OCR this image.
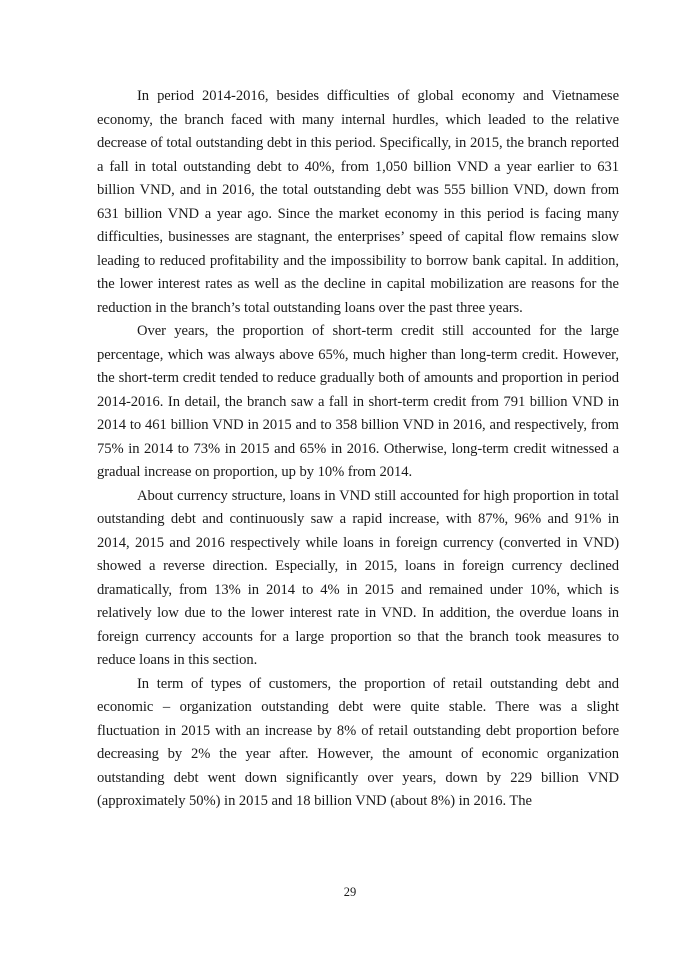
In period 2014-2016, besides difficulties of global economy and Vietnamese economy, the branch faced with many internal hurdles, which leaded to the relative decrease of total outstanding debt in this period. Specifically, in 2015, the branch reported a fall in total outstanding debt to 40%, from 1,050 billion VND a year earlier to 631 billion VND, and in 2016, the total outstanding debt was 555 billion VND, down from 631 billion VND a year ago. Since the market economy in this period is facing many difficulties, businesses are stagnant, the enterprises’ speed of capital flow remains slow leading to reduced profitability and the impossibility to borrow bank capital. In addition, the lower interest rates as well as the decline in capital mobilization are reasons for the reduction in the branch’s total outstanding loans over the past three years.

Over years, the proportion of short-term credit still accounted for the large percentage, which was always above 65%, much higher than long-term credit. However, the short-term credit tended to reduce gradually both of amounts and proportion in period 2014-2016. In detail, the branch saw a fall in short-term credit from 791 billion VND in 2014 to 461 billion VND in 2015 and to 358 billion VND in 2016, and respectively, from 75% in 2014 to 73% in 2015 and 65% in 2016. Otherwise, long-term credit witnessed a gradual increase on proportion, up by 10% from 2014.

About currency structure, loans in VND still accounted for high proportion in total outstanding debt and continuously saw a rapid increase, with 87%, 96% and 91% in 2014, 2015 and 2016 respectively while loans in foreign currency (converted in VND) showed a reverse direction. Especially, in 2015, loans in foreign currency declined dramatically, from 13% in 2014 to 4% in 2015 and remained under 10%, which is relatively low due to the lower interest rate in VND. In addition, the overdue loans in foreign currency accounts for a large proportion so that the branch took measures to reduce loans in this section.

In term of types of customers, the proportion of retail outstanding debt and economic – organization outstanding debt were quite stable. There was a slight fluctuation in 2015 with an increase by 8% of retail outstanding debt proportion before decreasing by 2% the year after. However, the amount of economic organization outstanding debt went down significantly over years, down by 229 billion VND (approximately 50%) in 2015 and 18 billion VND (about 8%) in 2016. The

29
